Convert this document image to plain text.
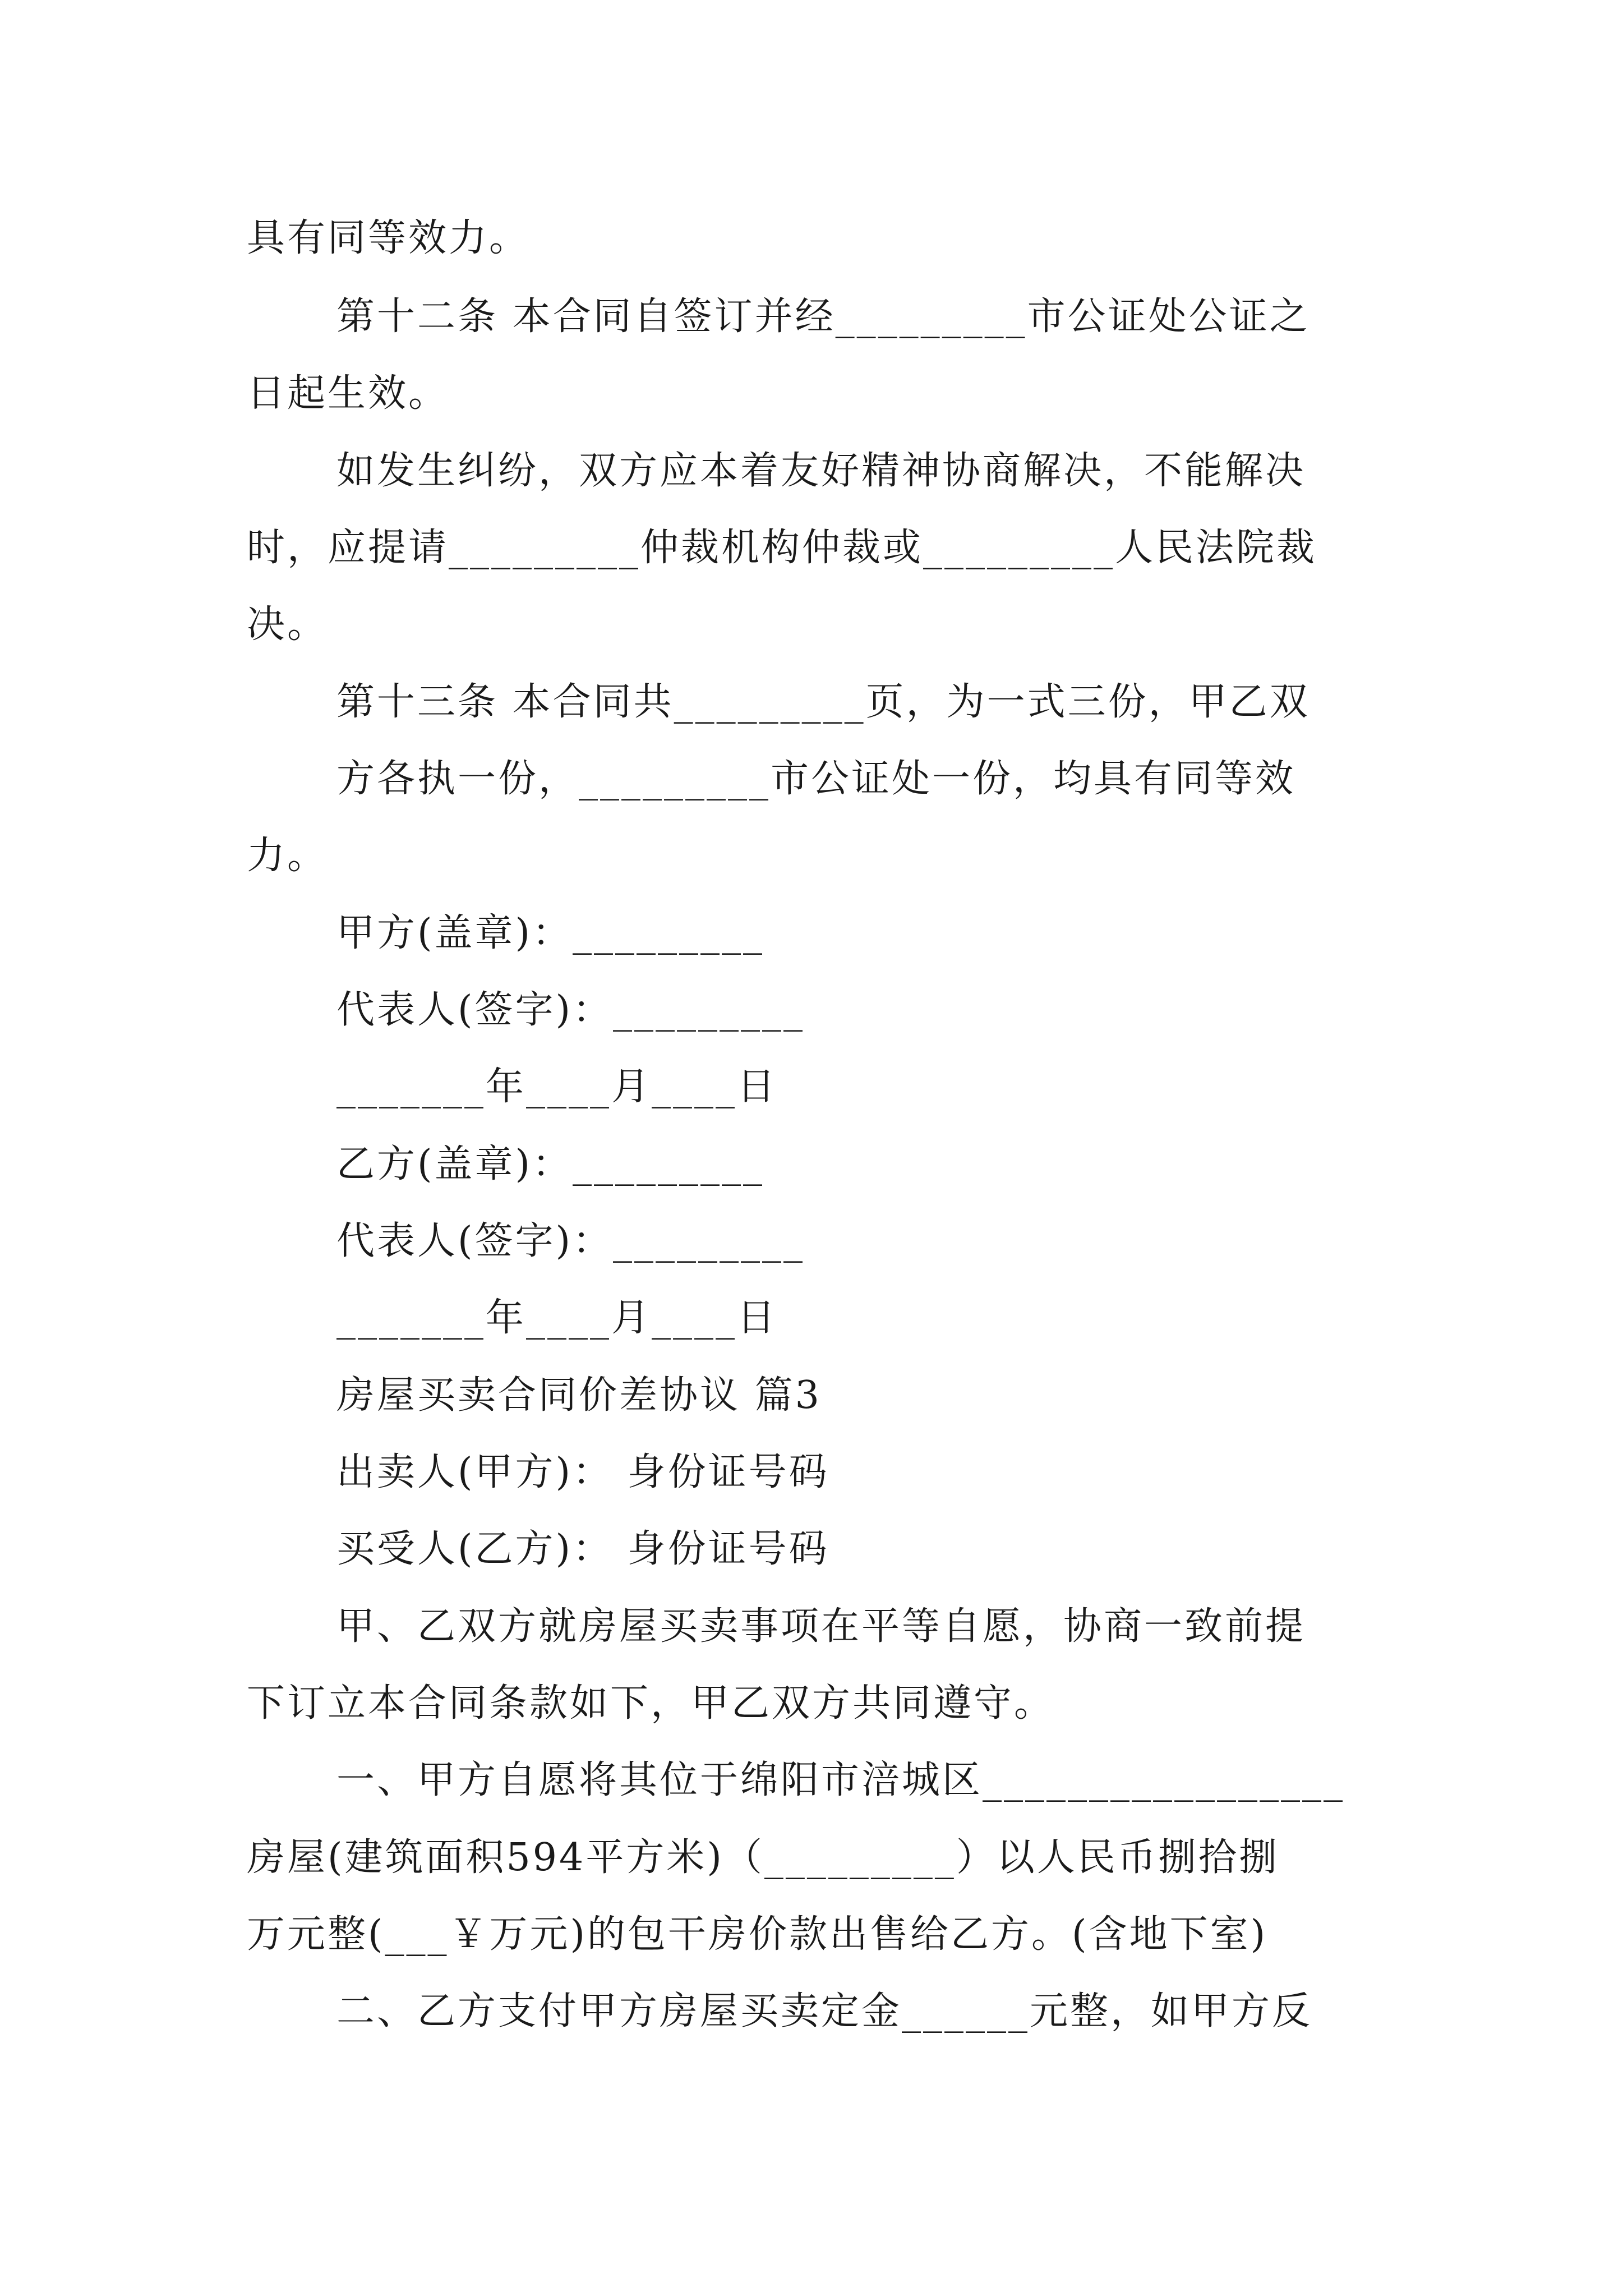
具有同等效力。
第十二条 本合同自签订并经_________市公证处公证之
日起生效。
如发生纠纷，双方应本着友好精神协商解决，不能解决
时，应提请_________仲裁机构仲裁或_________人民法院裁
决。
第十三条 本合同共_________页，为一式三份，甲乙双
方各执一份，_________市公证处一份，均具有同等效
力。
甲方(盖章)：_________
代表人(签字)：_________
_______年____月____日
乙方(盖章)：_________
代表人(签字)：_________
_______年____月____日
房屋买卖合同价差协议 篇3
出卖人(甲方)： 身份证号码
买受人(乙方)： 身份证号码
甲、乙双方就房屋买卖事项在平等自愿，协商一致前提
下订立本合同条款如下，甲乙双方共同遵守。
一、甲方自愿将其位于绵阳市涪城区_________________
房屋(建筑面积594平方米)（_________）以人民币捌拾捌
万元整(___￥万元)的包干房价款出售给乙方。(含地下室)
二、乙方支付甲方房屋买卖定金______元整，如甲方反
